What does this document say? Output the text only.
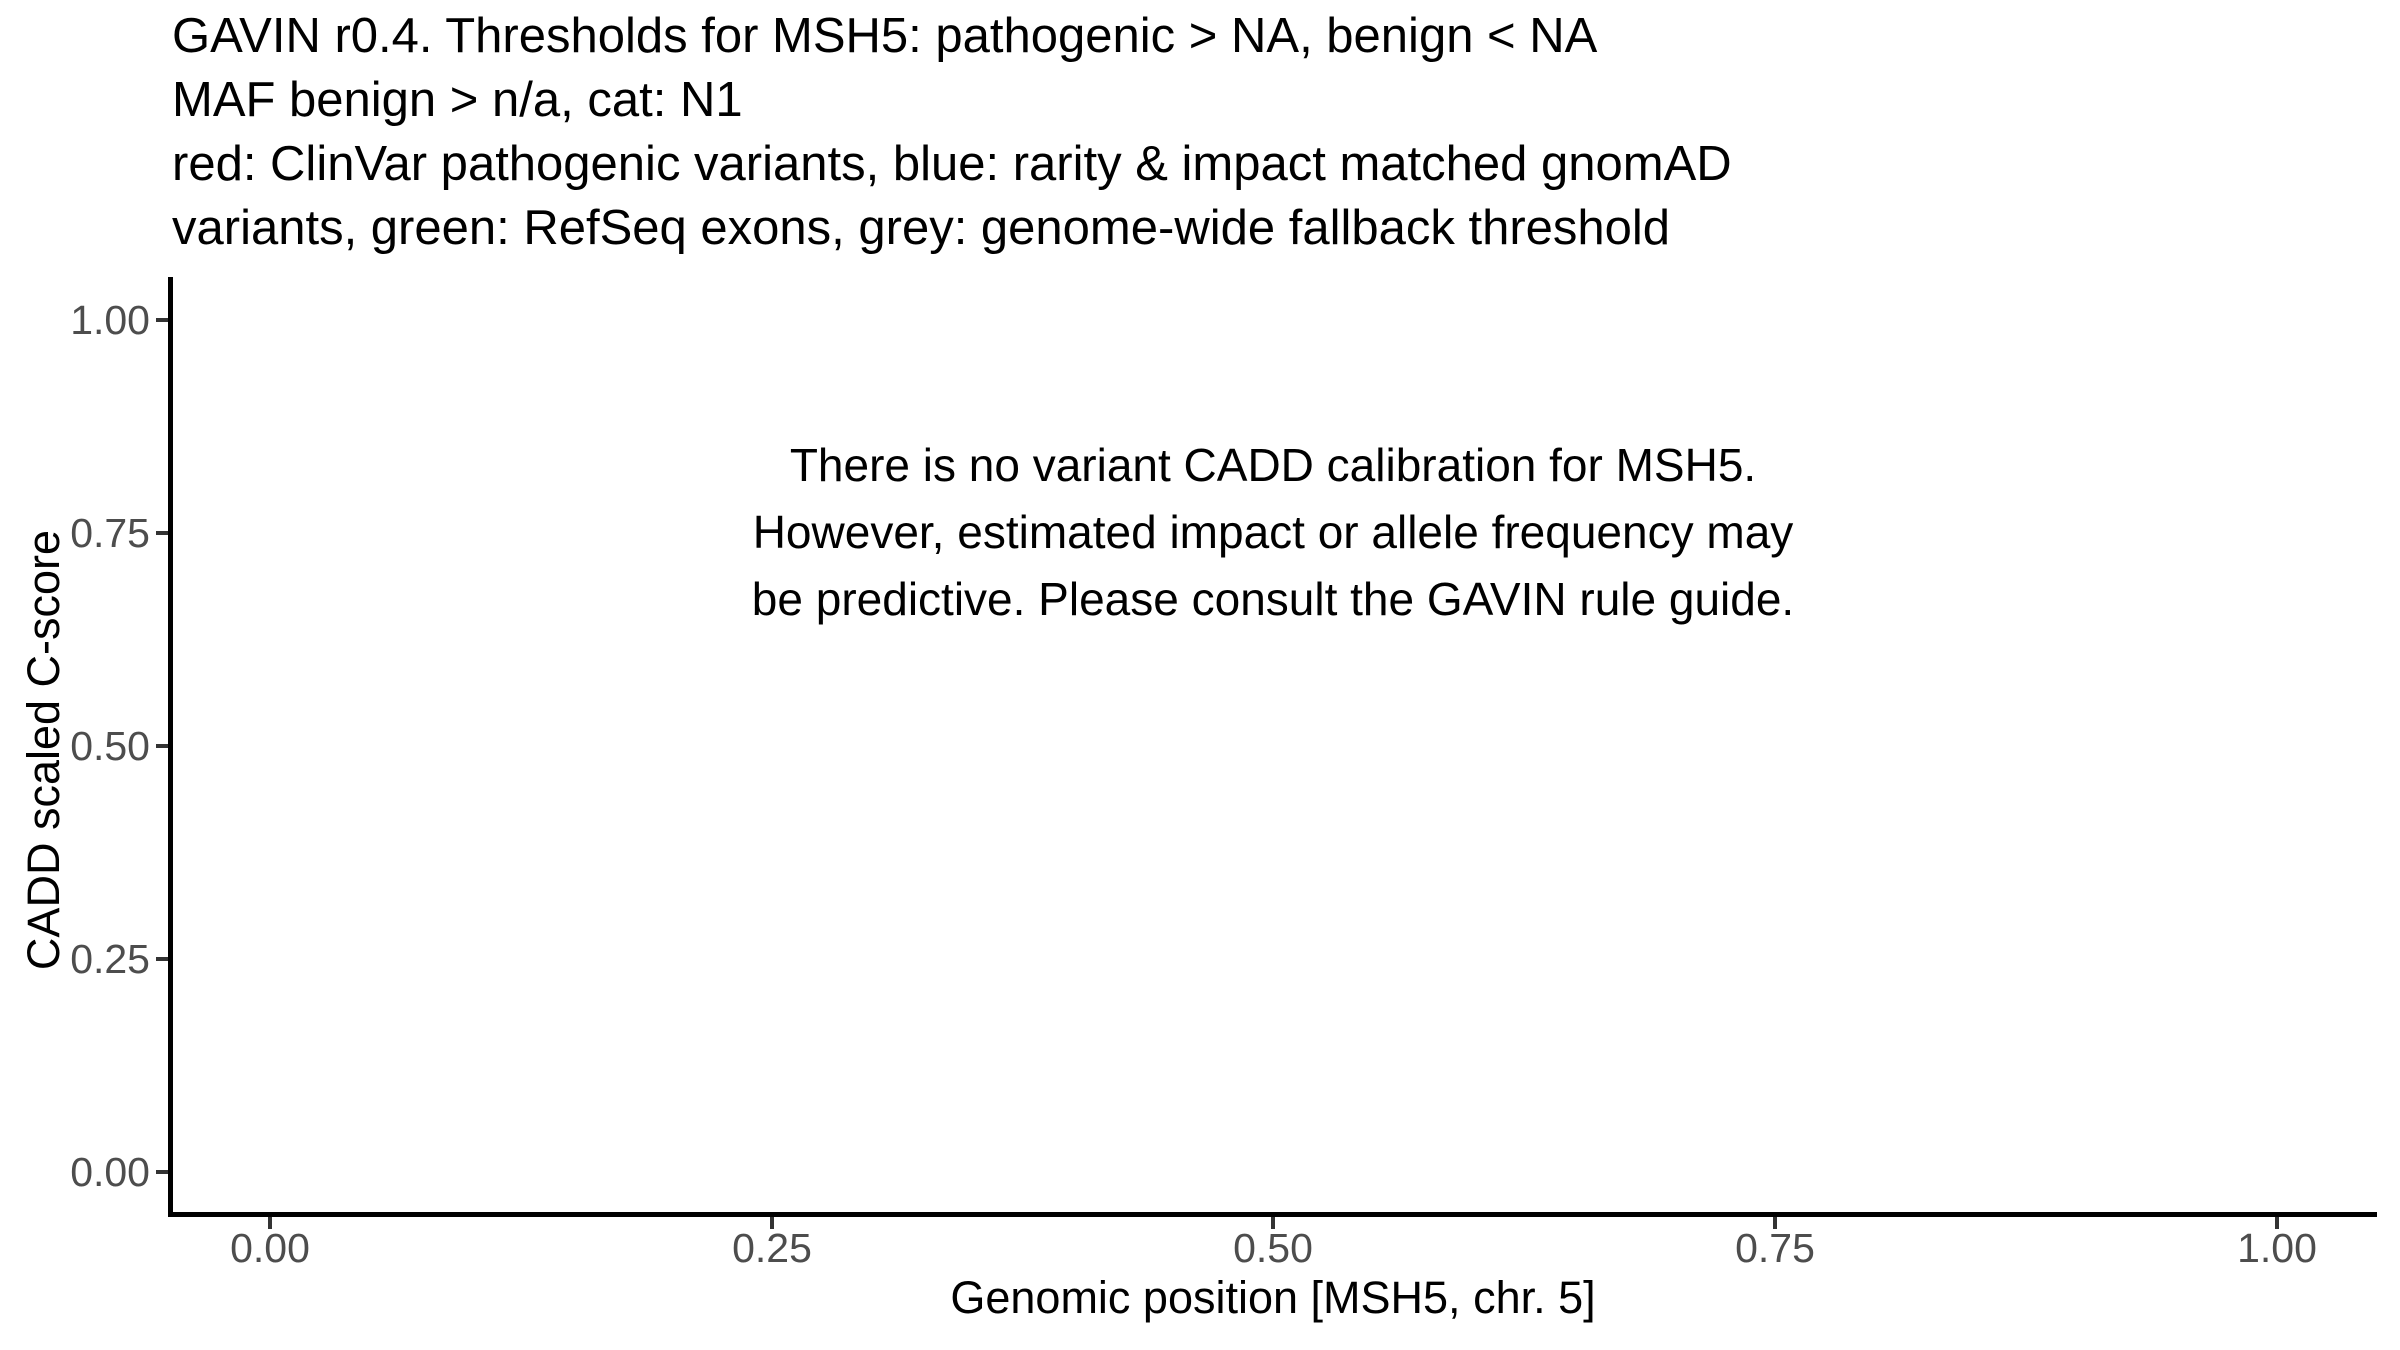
GAVIN r0.4. Thresholds for MSH5: pathogenic > NA, benign < NA
MAF benign > n/a, cat: N1
red: ClinVar pathogenic variants, blue: rarity & impact matched gnomAD
variants, green: RefSeq exons, grey: genome-wide fallback threshold
CADD scaled C-score
There is no variant CADD calibration for MSH5.
However, estimated impact or allele frequency may
be predictive. Please consult the GAVIN rule guide.
1.00
0.75
0.50
0.25
0.00
0.00	0.25	0.50	0.75	1.00
Genomic position [MSH5, chr. 5]
